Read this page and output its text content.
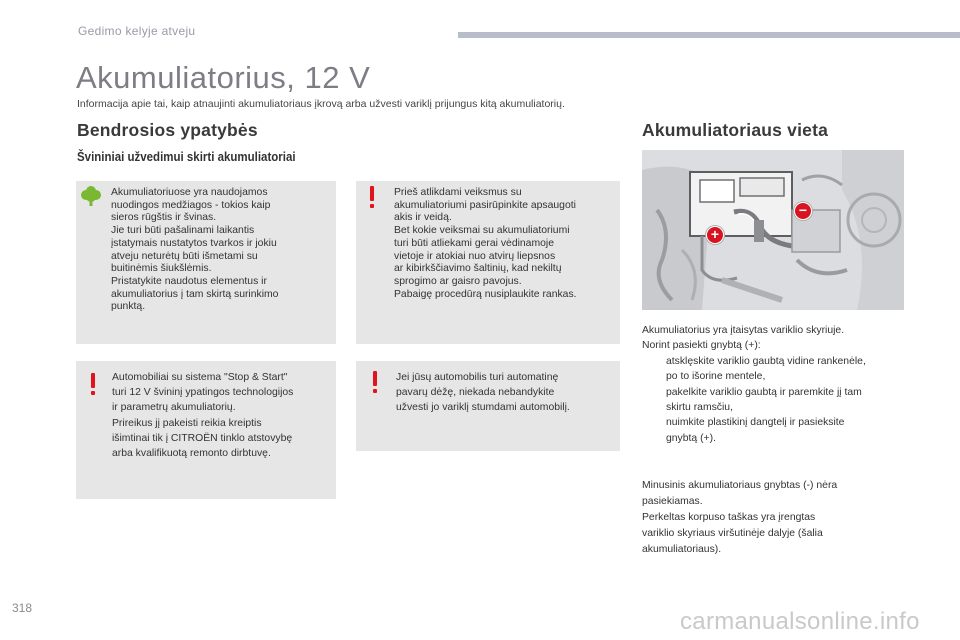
Gedimo kelyje atveju
Akumuliatorius, 12 V
Informacija apie tai, kaip atnaujinti akumuliatoriaus įkrovą arba užvesti variklį prijungus kitą akumuliatorių.
Bendrosios ypatybės
Švininiai užvedimui skirti akumuliatoriai
Akumuliatoriuose yra naudojamos
nuodingos medžiagos - tokios kaip
sieros rūgštis ir švinas.
Jie turi būti pašalinami laikantis
įstatymais nustatytos tvarkos ir jokiu
atveju neturėtų būti išmetami su
buitinėmis šiukšlėmis.
Pristatykite naudotus elementus ir
akumuliatorius į tam skirtą surinkimo
punktą.
Prieš atlikdami veiksmus su
akumuliatoriumi pasirūpinkite apsaugoti
akis ir veidą.
Bet kokie veiksmai su akumuliatoriumi
turi būti atliekami gerai vėdinamoje
vietoje ir atokiai nuo atvirų liepsnos
ar kibirkščiavimo šaltinių, kad nekiltų
sprogimo ar gaisro pavojus.
Pabaigę procedūrą nusiplaukite rankas.
Automobiliai su sistema "Stop & Start"
turi 12 V švininį ypatingos technologijos
ir parametrų akumuliatorių.
Prireikus jį pakeisti reikia kreiptis
išimtinai tik į CITROËN tinklo atstovybę
arba kvalifikuotą remonto dirbtuvę.
Jei jūsų automobilis turi automatinę
pavarų dėžę, niekada nebandykite
užvesti jo variklį stumdami automobilį.
Akumuliatoriaus vieta
+
−
Akumuliatorius yra įtaisytas variklio skyriuje.
Norint pasiekti gnybtą (+):
atsklęskite variklio gaubtą vidine rankenėle,
po to išorine mentele,
pakelkite variklio gaubtą ir paremkite jį tam
skirtu ramsčiu,
nuimkite plastikinį dangtelį ir pasieksite
gnybtą (+).
Minusinis akumuliatoriaus gnybtas (-) nėra
pasiekiamas.
Perkeltas korpuso taškas yra įrengtas
variklio skyriaus viršutinėje dalyje (šalia
akumuliatoriaus).
318	carmanualsonline.info
